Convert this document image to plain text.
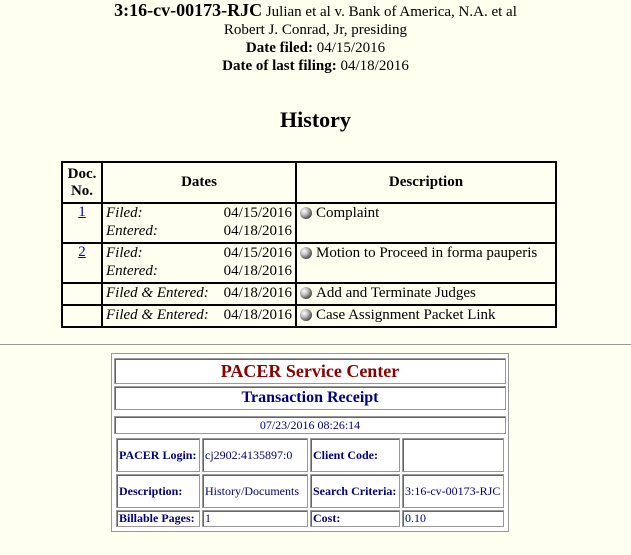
3:16-cv-00173-RJC Julian et al v. Bank of America, N.A. et al
Robert J. Conrad, Jr, presiding
Date filed: 04/15/2016
Date of last filing: 04/18/2016
History
Doc. No.	Dates	Description
1	Filed: 04/15/2016
Entered: 04/18/2016	Complaint

2	Filed: 04/15/2016
Entered: 04/18/2016	Motion to Proceed in forma pauperis

	Filed & Entered: 04/18/2016	Add and Terminate Judges

	Filed & Entered: 04/18/2016	Case Assignment Packet Link
PACER Service Center
Transaction Receipt
07/23/2016 08:26:14
PACER Login:	cj2902:4135897:0	Client Code:	
Description:	History/Documents	Search Criteria:	3:16-cv-00173-RJC
Billable Pages:	1	Cost:	0.10
